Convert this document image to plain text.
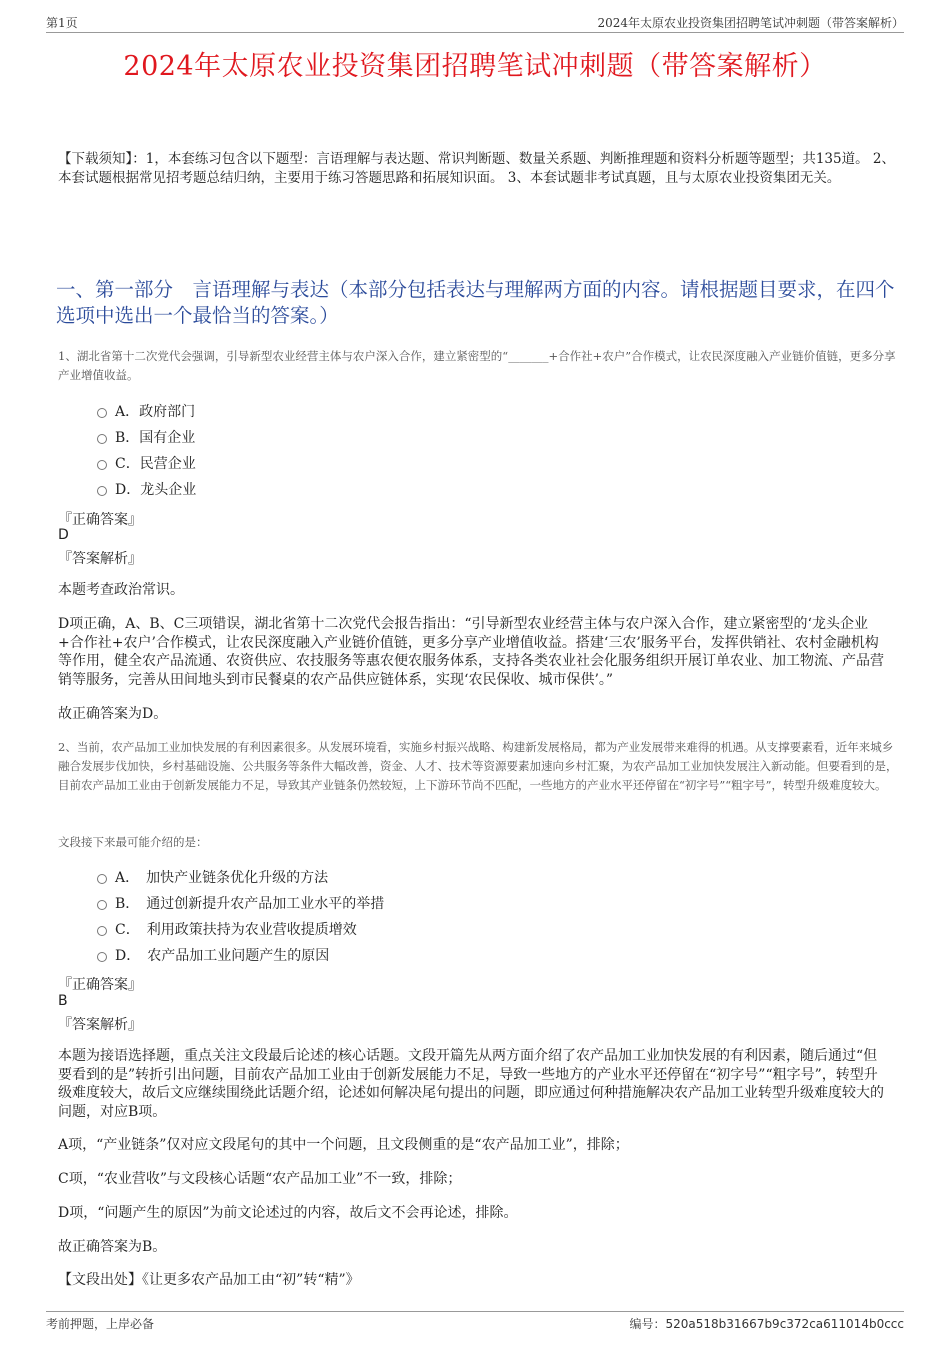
第1页	2024年太原农业投资集团招聘笔试冲刺题（带答案解析）
2024年太原农业投资集团招聘笔试冲刺题（带答案解析）
【下载须知】：1，本套练习包含以下题型：言语理解与表达题、常识判断题、数量关系题、判断推理题和资料分析题等题型；共135道。 2、本套试题根据常见招考题总结归纳，主要用于练习答题思路和拓展知识面。 3、本套试题非考试真题，且与太原农业投资集团无关。
一、第一部分　言语理解与表达（本部分包括表达与理解两方面的内容。请根据题目要求，在四个选项中选出一个最恰当的答案。）
1、湖北省第十二次党代会强调，引导新型农业经营主体与农户深入合作，建立紧密型的“_______+合作社+农户”合作模式，让农民深度融入产业链价值链，更多分享产业增值收益。
A．政府部门
B．国有企业
C．民营企业
D．龙头企业
『正确答案』
D
『答案解析』
本题考查政治常识。
D项正确，A、B、C三项错误，湖北省第十二次党代会报告指出：“引导新型农业经营主体与农户深入合作，建立紧密型的‘龙头企业+合作社+农户’合作模式，让农民深度融入产业链价值链，更多分享产业增值收益。搭建‘三农’服务平台，发挥供销社、农村金融机构等作用，健全农产品流通、农资供应、农技服务等惠农便农服务体系，支持各类农业社会化服务组织开展订单农业、加工物流、产品营销等服务，完善从田间地头到市民餐桌的农产品供应链体系，实现‘农民保收、城市保供’。”
故正确答案为D。
2、当前，农产品加工业加快发展的有利因素很多。从发展环境看，实施乡村振兴战略、构建新发展格局，都为产业发展带来难得的机遇。从支撑要素看，近年来城乡融合发展步伐加快，乡村基础设施、公共服务等条件大幅改善，资金、人才、技术等资源要素加速向乡村汇聚，为农产品加工业加快发展注入新动能。但要看到的是，目前农产品加工业由于创新发展能力不足，导致其产业链条仍然较短，上下游环节尚不匹配，一些地方的产业水平还停留在“初字号”“粗字号”，转型升级难度较大。
文段接下来最可能介绍的是：
A．　加快产业链条优化升级的方法
B．　通过创新提升农产品加工业水平的举措
C．　利用政策扶持为农业营收提质增效
D．　农产品加工业问题产生的原因
『正确答案』
B
『答案解析』
本题为接语选择题，重点关注文段最后论述的核心话题。文段开篇先从两方面介绍了农产品加工业加快发展的有利因素，随后通过“但要看到的是”转折引出问题，目前农产品加工业由于创新发展能力不足，导致一些地方的产业水平还停留在“初字号”“粗字号”，转型升级难度较大，故后文应继续围绕此话题介绍，论述如何解决尾句提出的问题，即应通过何种措施解决农产品加工业转型升级难度较大的问题，对应B项。
A项，“产业链条”仅对应文段尾句的其中一个问题，且文段侧重的是“农产品加工业”，排除；
C项，“农业营收”与文段核心话题“农产品加工业”不一致，排除；
D项，“问题产生的原因”为前文论述过的内容，故后文不会再论述，排除。
故正确答案为B。
【文段出处】《让更多农产品加工由“初”转“精”》
考前押题，上岸必备	编号：520a518b31667b9c372ca611014b0ccc
